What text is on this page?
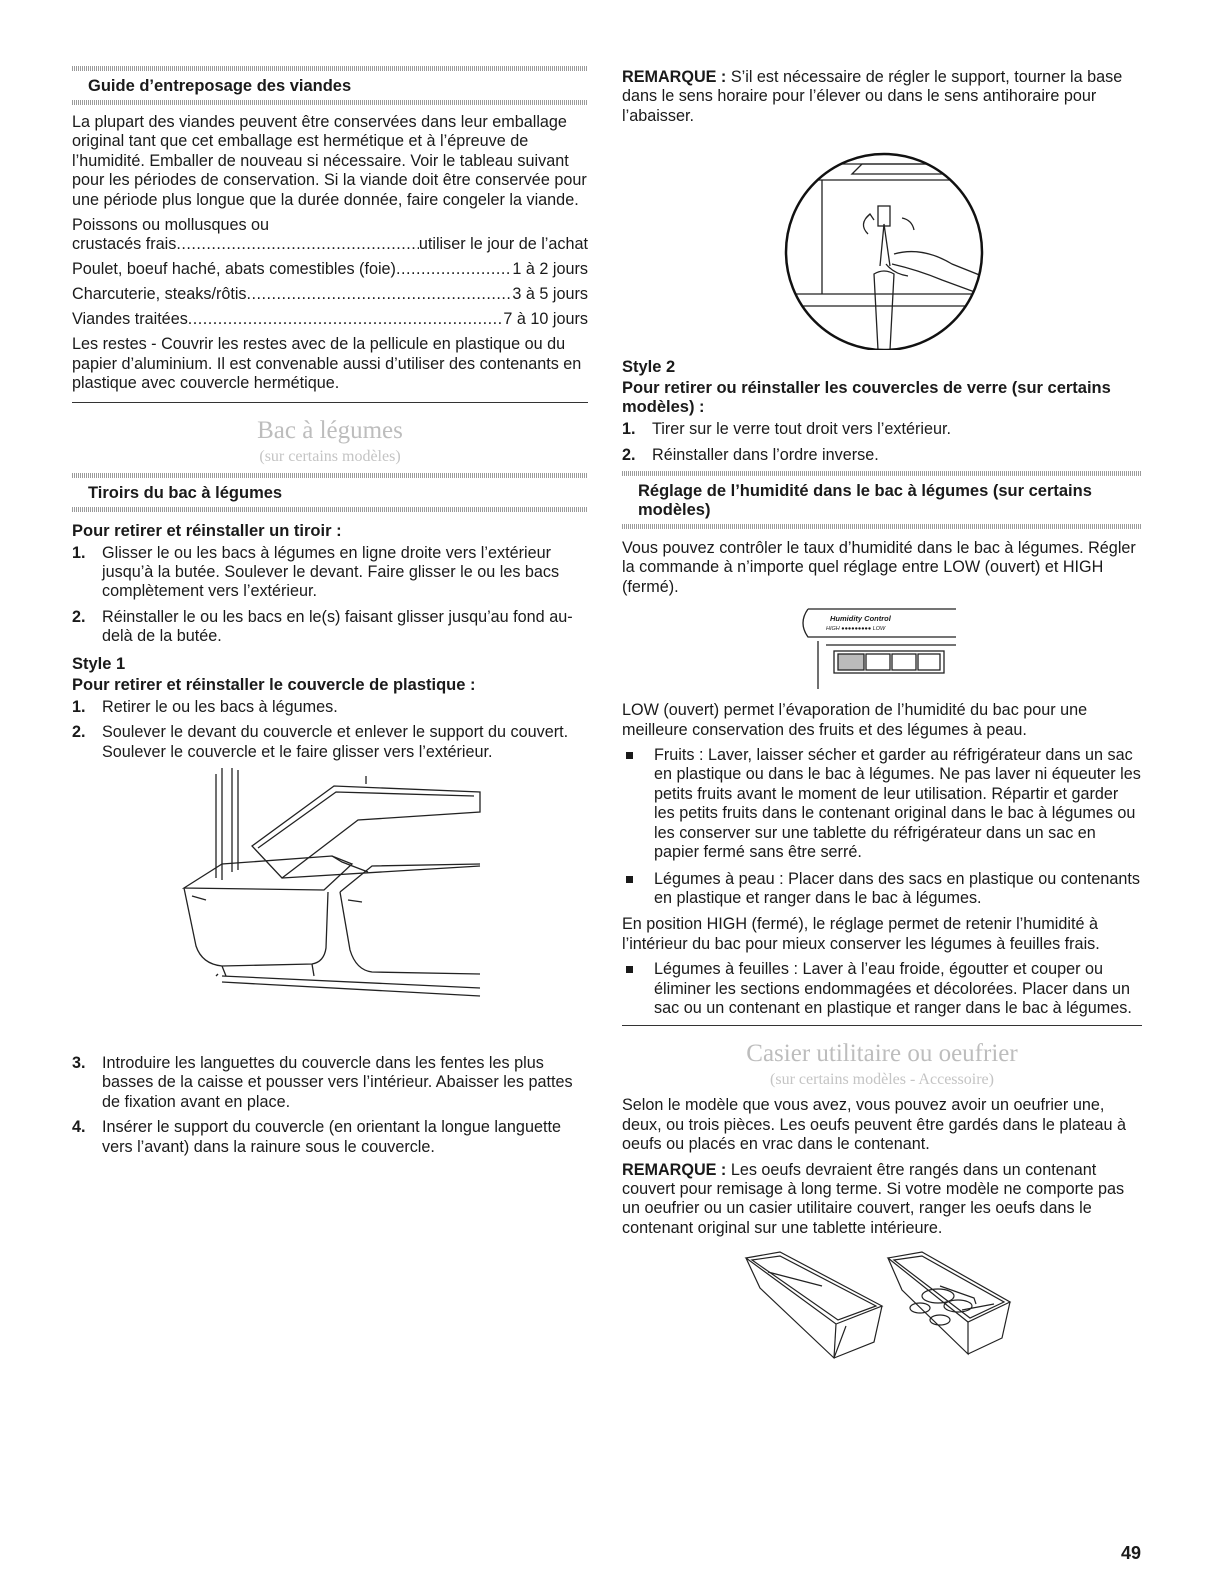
Guide d’entreposage des viandes

La plupart des viandes peuvent être conservées dans leur emballage original tant que cet emballage est hermétique et à l’épreuve de l’humidité. Emballer de nouveau si nécessaire. Voir le tableau suivant pour les périodes de conservation. Si la viande doit être conservée pour une période plus longue que la durée donnée, faire congeler la viande.

Poissons ou mollusques ou
crustacés frais .....	utiliser le jour de l’achat
Poulet, boeuf haché, abats comestibles (foie) .....	1 à 2 jours
Charcuterie, steaks/rôtis .....	3 à 5 jours
Viandes traitées .....	7 à 10 jours

Les restes - Couvrir les restes avec de la pellicule en plastique ou du papier d’aluminium. Il est convenable aussi d’utiliser des contenants en plastique avec couvercle hermétique.

Bac à légumes
(sur certains modèles)
Tiroirs du bac à légumes
Pour retirer et réinstaller un tiroir :
1. Glisser le ou les bacs à légumes en ligne droite vers l’extérieur jusqu’à la butée. Soulever le devant. Faire glisser le ou les bacs complètement vers l’extérieur.
2. Réinstaller le ou les bacs en le(s) faisant glisser jusqu’au fond au-delà de la butée.
Style 1
Pour retirer et réinstaller le couvercle de plastique :
1. Retirer le ou les bacs à légumes.
2. Soulever le devant du couvercle et enlever le support du couvert. Soulever le couvercle et le faire glisser vers l’extérieur.
3. Introduire les languettes du couvercle dans les fentes les plus basses de la caisse et pousser vers l’intérieur. Abaisser les pattes de fixation avant en place.
4. Insérer le support du couvercle (en orientant la longue languette vers l’avant) dans la rainure sous le couvercle.

REMARQUE : S’il est nécessaire de régler le support, tourner la base dans le sens horaire pour l’élever ou dans le sens antihoraire pour l’abaisser.

Style 2
Pour retirer ou réinstaller les couvercles de verre (sur certains modèles) :
1. Tirer sur le verre tout droit vers l’extérieur.
2. Réinstaller dans l’ordre inverse.
Réglage de l’humidité dans le bac à légumes (sur certains modèles)

Vous pouvez contrôler le taux d’humidité dans le bac à légumes. Régler la commande à n’importe quel réglage entre LOW (ouvert) et HIGH (fermé).

Humidity Control
HIGH ●●●●●●●●● LOW

LOW (ouvert) permet l’évaporation de l’humidité du bac pour une meilleure conservation des fruits et des légumes à peau.

Fruits : Laver, laisser sécher et garder au réfrigérateur dans un sac en plastique ou dans le bac à légumes. Ne pas laver ni équeuter les petits fruits avant le moment de leur utilisation. Répartir et garder les petits fruits dans le contenant original dans le bac à légumes ou les conserver sur une tablette du réfrigérateur dans un sac en papier fermé sans être serré.
Légumes à peau : Placer dans des sacs en plastique ou contenants en plastique et ranger dans le bac à légumes.

En position HIGH (fermé), le réglage permet de retenir l’humidité à l’intérieur du bac pour mieux conserver les légumes à feuilles frais.

Légumes à feuilles : Laver à l’eau froide, égoutter et couper ou éliminer les sections endommagées et décolorées. Placer dans un sac ou un contenant en plastique et ranger dans le bac à légumes.
Casier utilitaire ou oeufrier
(sur certains modèles - Accessoire)

Selon le modèle que vous avez, vous pouvez avoir un oeufrier une, deux, ou trois pièces. Les oeufs peuvent être gardés dans le plateau à oeufs ou placés en vrac dans le contenant.

REMARQUE : Les oeufs devraient être rangés dans un contenant couvert pour remisage à long terme. Si votre modèle ne comporte pas un oeufrier ou un casier utilitaire couvert, ranger les oeufs dans le contenant original sur une tablette intérieure.

49
